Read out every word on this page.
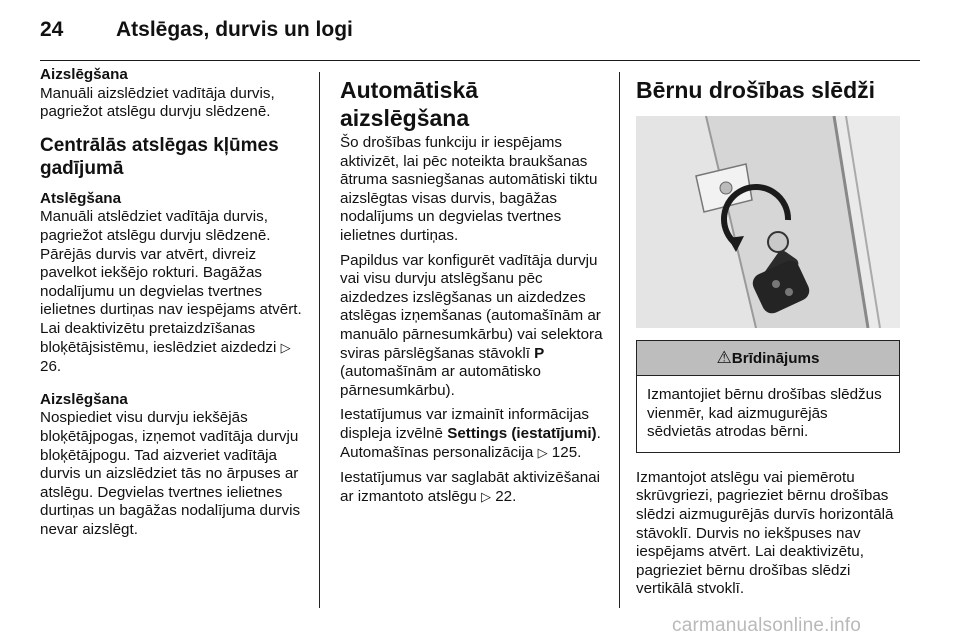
24	Atslēgas, durvis un logi
Aizslēgšana

Manuāli aizslēdziet vadītāja durvis, pagriežot atslēgu durvju slēdzenē.

Centrālās atslēgas kļūmes gadījumā
Atslēgšana

Manuāli atslēdziet vadītāja durvis, pagriežot atslēgu durvju slēdzenē. Pārējās durvis var atvērt, divreiz pavelkot iekšējo rokturi. Bagāžas nodalījumu un degvielas tvertnes ielietnes durtiņas nav iespējams atvērt. Lai deaktivizētu pretaizdzīšanas bloķētājsistēmu, ieslēdziet aizdedzi ▷ 26.

Aizslēgšana

Nospiediet visu durvju iekšējās bloķētājpogas, izņemot vadītāja durvju bloķētājpogu. Tad aizveriet vadītāja durvis un aizslēdziet tās no ārpuses ar atslēgu. Degvielas tvertnes ielietnes durtiņas un bagāžas nodalījuma durvis nevar aizslēgt.

Automātiskā aizslēgšana

Šo drošības funkciju ir iespējams aktivizēt, lai pēc noteikta braukšanas ātruma sasniegšanas automātiski tiktu aizslēgtas visas durvis, bagāžas nodalījums un degvielas tvertnes ielietnes durtiņas.

Papildus var konfigurēt vadītāja durvju vai visu durvju atslēgšanu pēc aizdedzes izslēgšanas un aizdedzes atslēgas izņemšanas (automašīnām ar manuālo pārnesumkārbu) vai selektora sviras pārslēgšanas stāvoklī P (automašīnām ar automātisko pārnesumkārbu).

Iestatījumus var izmainīt informācijas displeja izvēlnē Settings (iestatījumi). Automašīnas personalizācija ▷ 125.

Iestatījumus var saglabāt aktivizēšanai ar izmantoto atslēgu ▷ 22.

Bērnu drošības slēdži
⚠Brīdinājums
Izmantojiet bērnu drošības slēdžus vienmēr, kad aizmugurējās sēdvietās atrodas bērni.

Izmantojot atslēgu vai piemērotu skrūvgriezi, pagrieziet bērnu drošības slēdzi aizmugurējās durvīs horizontālā stāvoklī. Durvis no iekšpuses nav iespējams atvērt. Lai deaktivizētu, pagrieziet bērnu drošības slēdzi vertikālā stvoklī.

carmanualsonline.info
